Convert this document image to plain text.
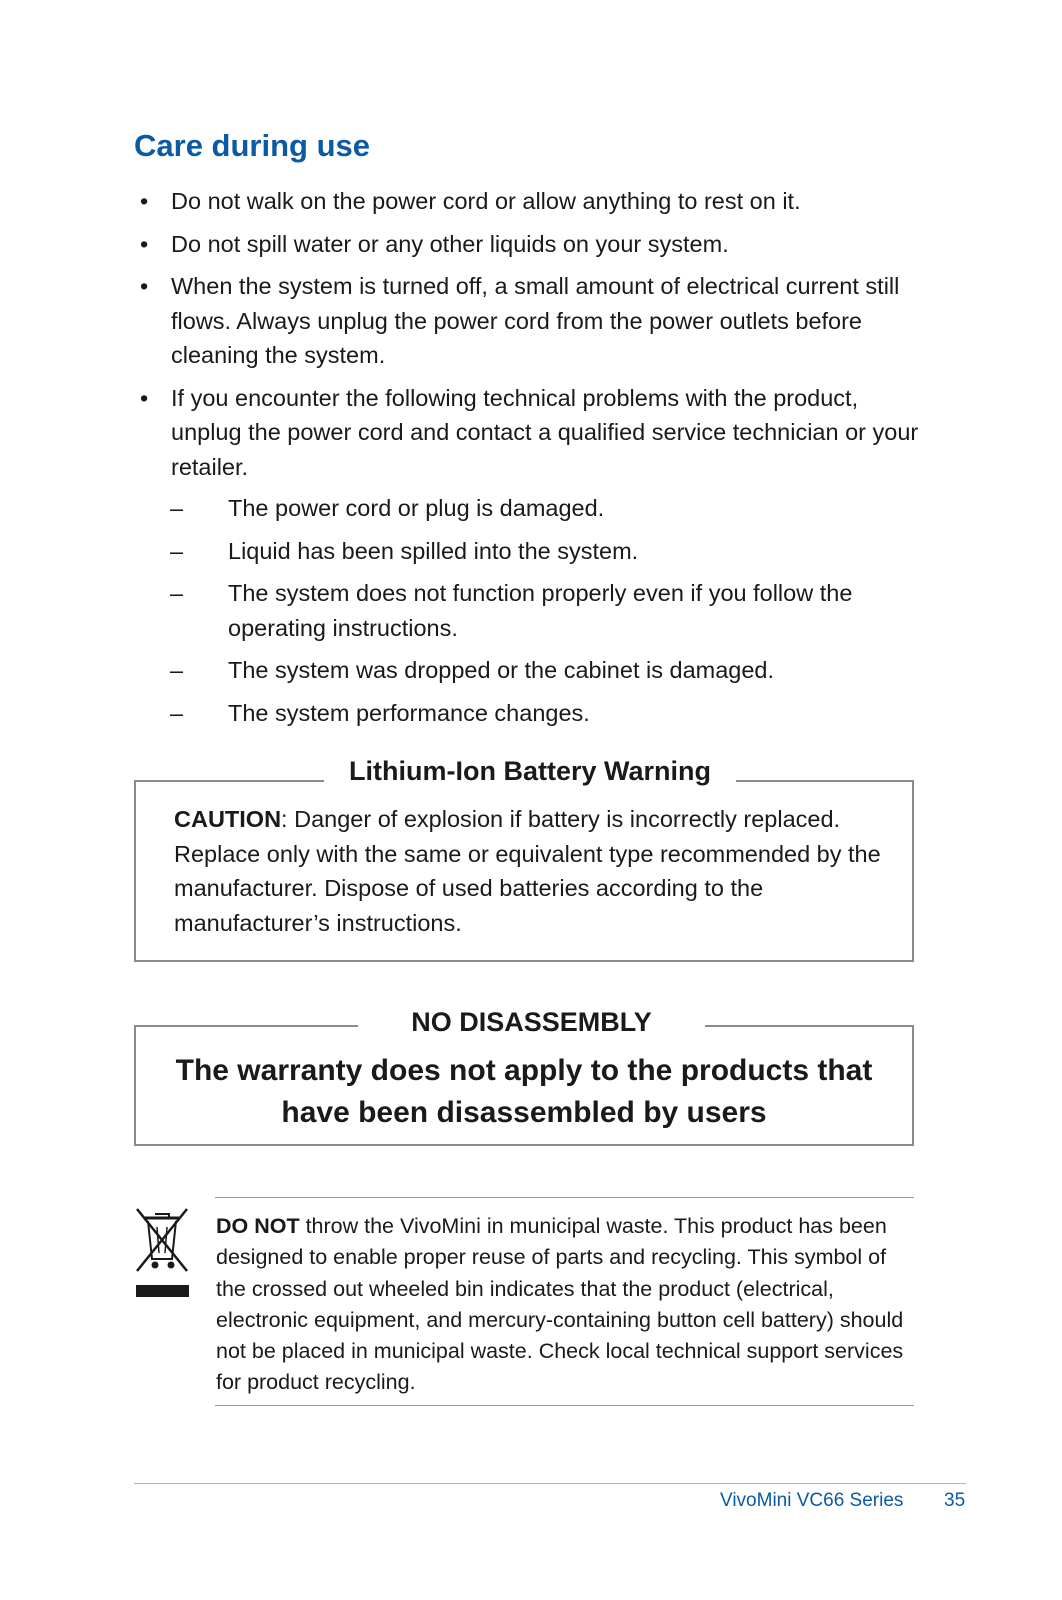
Care during use
• Do not walk on the power cord or allow anything to rest on it.
• Do not spill water or any other liquids on your system.
• When the system is turned off, a small amount of electrical current still flows. Always unplug the power cord from the power outlets before cleaning the system.
• If you encounter the following technical problems with the product, unplug the power cord and contact a qualified service technician or your retailer.
– The power cord or plug is damaged.
– Liquid has been spilled into the system.
– The system does not function properly even if you follow the operating instructions.
– The system was dropped or the cabinet is damaged.
– The system performance changes.
Lithium-Ion Battery Warning

CAUTION: Danger of explosion if battery is incorrectly replaced. Replace only with the same or equivalent type recommended by the manufacturer. Dispose of used batteries according to the manufacturer’s instructions.

NO DISASSEMBLY

The warranty does not apply to the products that
have been disassembled by users

DO NOT throw the VivoMini in municipal waste. This product has been designed to enable proper reuse of parts and recycling. This symbol of the crossed out wheeled bin indicates that the product (electrical, electronic equipment, and mercury-containing button cell battery) should not be placed in municipal waste. Check local technical support services for product recycling.

VivoMini VC66 Series 35
